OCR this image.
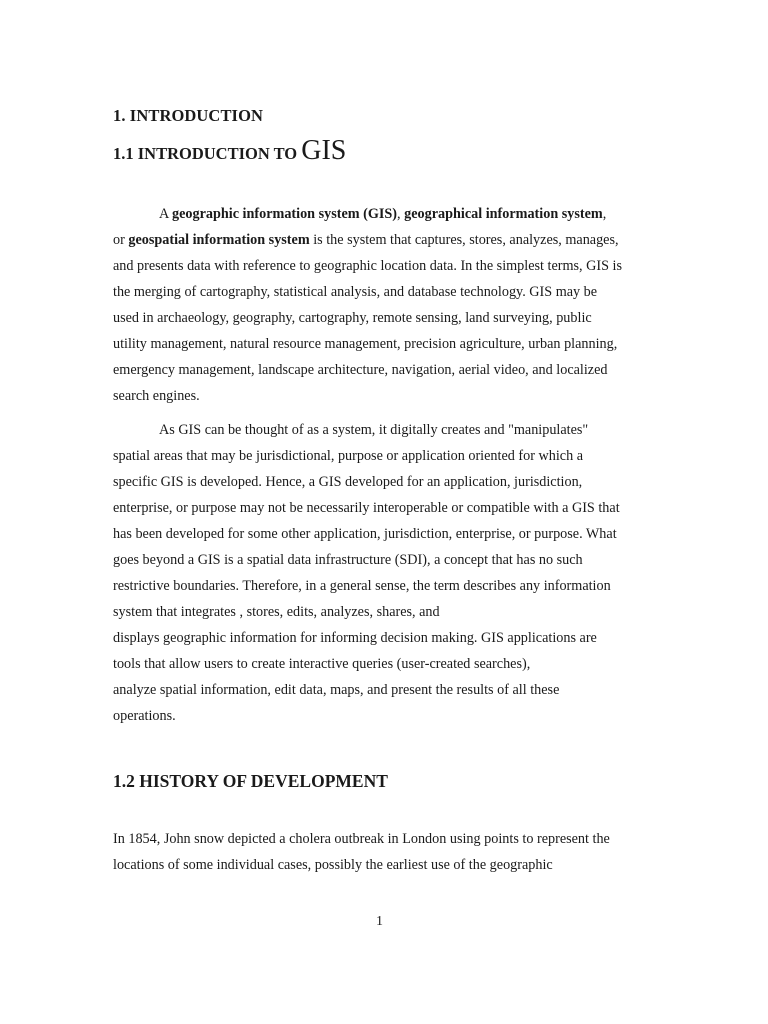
1. INTRODUCTION
1.1 INTRODUCTION TO GIS
A geographic information system (GIS), geographical information system,
or geospatial information system is the system that captures, stores, analyzes, manages,
and presents data with reference to geographic location data. In the simplest terms, GIS is
the merging of cartography, statistical analysis, and database technology. GIS may be
used in archaeology, geography, cartography, remote sensing, land surveying, public
utility management, natural resource management, precision agriculture, urban planning,
emergency management, landscape architecture, navigation, aerial video, and localized
search engines.
As GIS can be thought of as a system, it digitally creates and "manipulates"
spatial areas that may be jurisdictional, purpose or application oriented for which a
specific GIS is developed. Hence, a GIS developed for an application, jurisdiction,
enterprise, or purpose may not be necessarily interoperable or compatible with a GIS that
has been developed for some other application, jurisdiction, enterprise, or purpose. What
goes beyond a GIS is a spatial data infrastructure (SDI), a concept that has no such
restrictive boundaries. Therefore, in a general sense, the term describes any information
system that integrates , stores, edits, analyzes, shares, and
displays geographic information for informing decision making. GIS applications are
tools that allow users to create interactive queries (user-created searches),
analyze spatial information, edit data, maps, and present the results of all these
operations.
1.2 HISTORY OF DEVELOPMENT
In 1854, John snow depicted a cholera outbreak in London using points to represent the
locations of some individual cases, possibly the earliest use of the geographic
1
